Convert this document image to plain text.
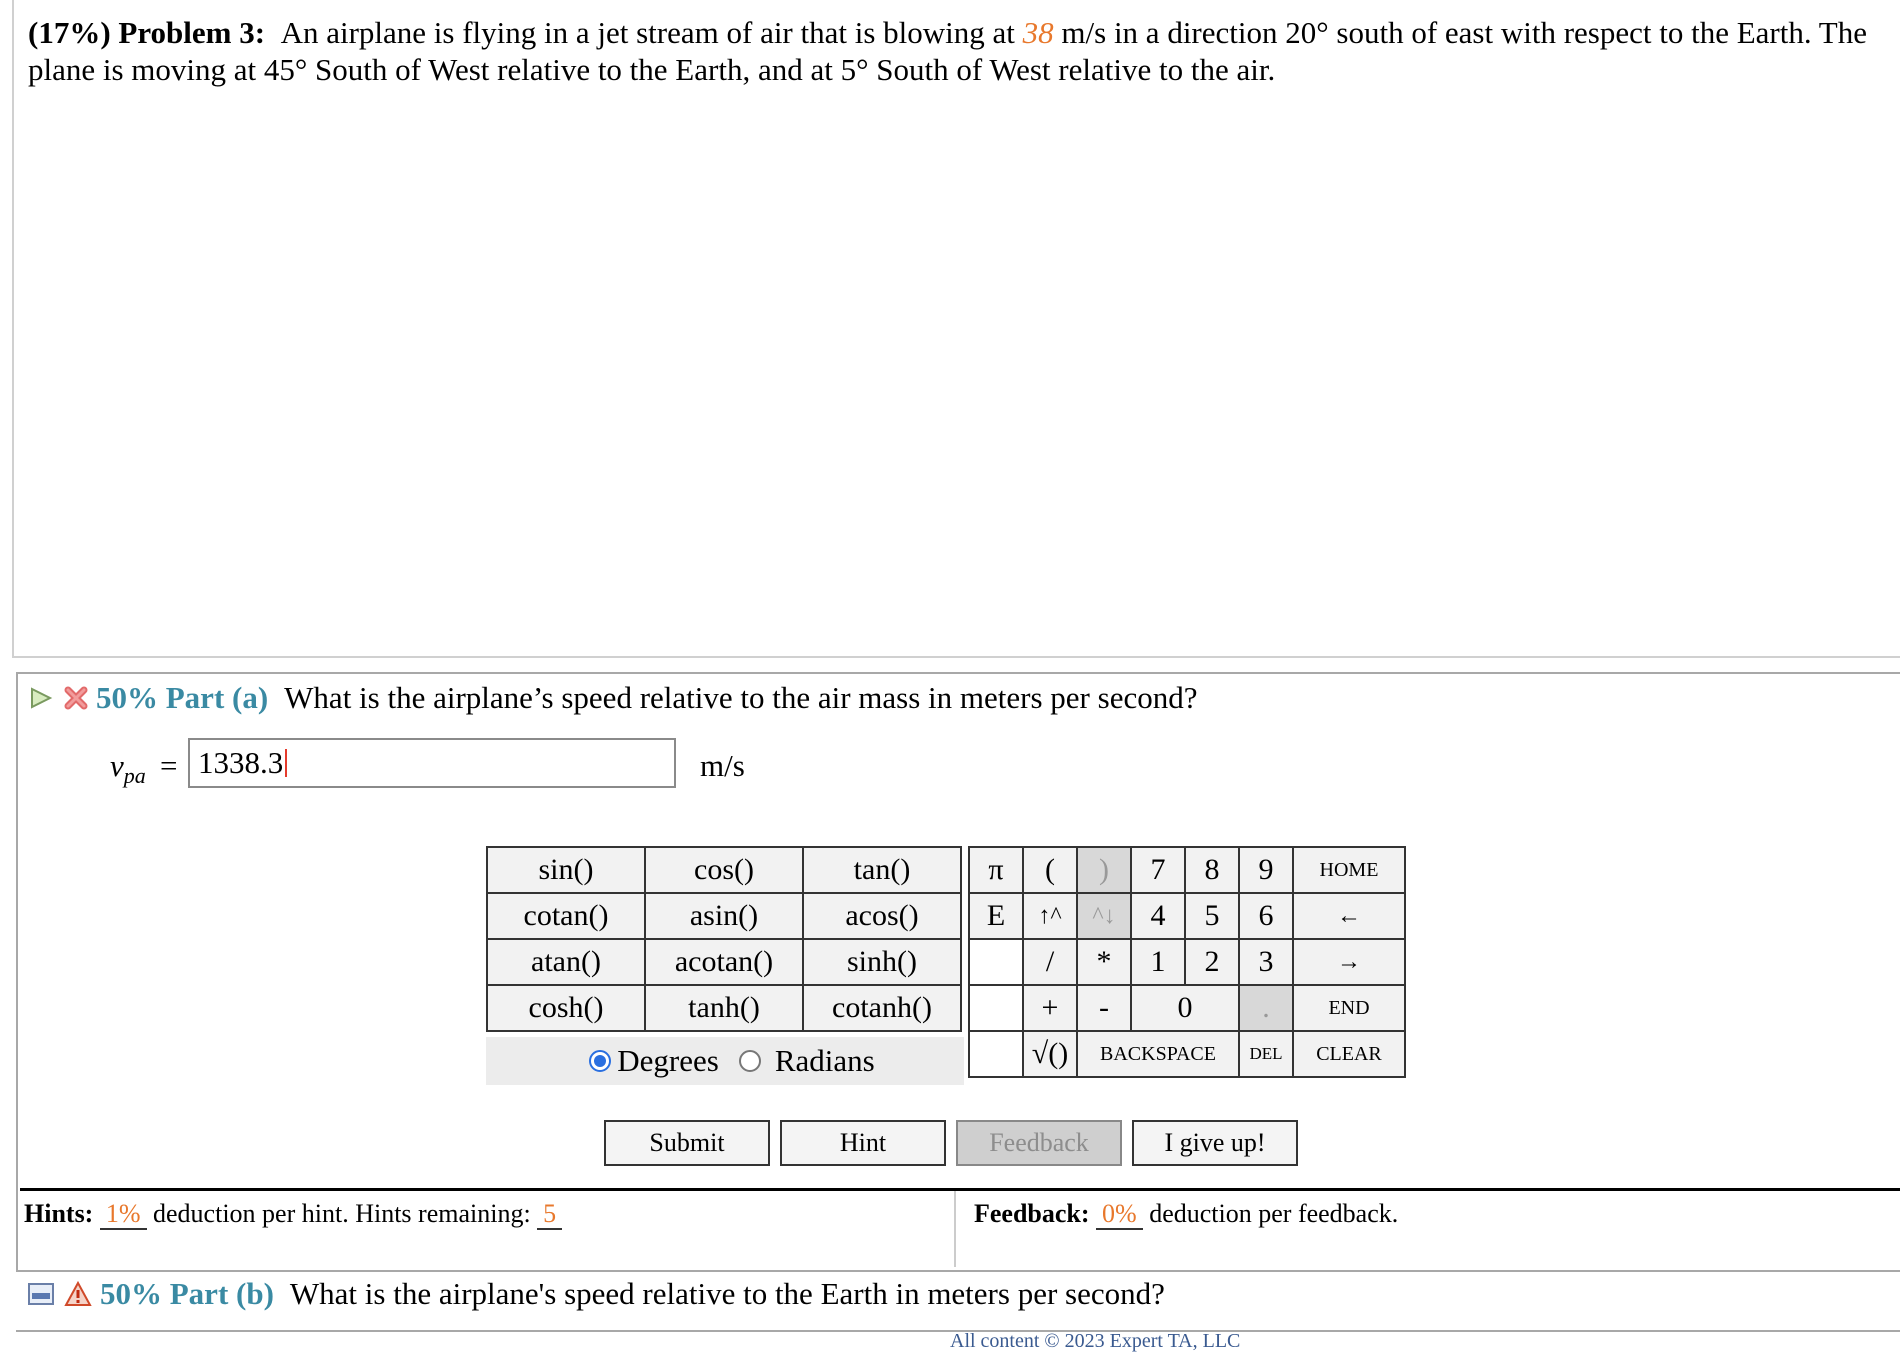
(17%) Problem 3: An airplane is flying in a jet stream of air that is blowing at 38 m/s in a direction 20° south of east with respect to the Earth. The plane is moving at 45° South of West relative to the Earth, and at 5° South of West relative to the air.
50% Part (a) What is the airplane’s speed relative to the air mass in meters per second?
$v_{pa} = 1338.3$	m/s
sin()	cos()	tan()
cotan()	asin()	acos()
atan()	acotan()	sinh()
cosh()	tanh()	cotanh()
Degrees Radians
π	(	)	7	8	9	HOME
E	↑^	^↓	4	5	6	←
	/	*	1	2	3	→
	+	-	0		.	END
	√()	BACKSPACE			DEL	CLEAR
Submit	Hint	Feedback	I give up!
Hints: 1% deduction per hint. Hints remaining: 5	Feedback: 0% deduction per feedback.
50% Part (b) What is the airplane's speed relative to the Earth in meters per second?
All content © 2023 Expert TA, LLC
